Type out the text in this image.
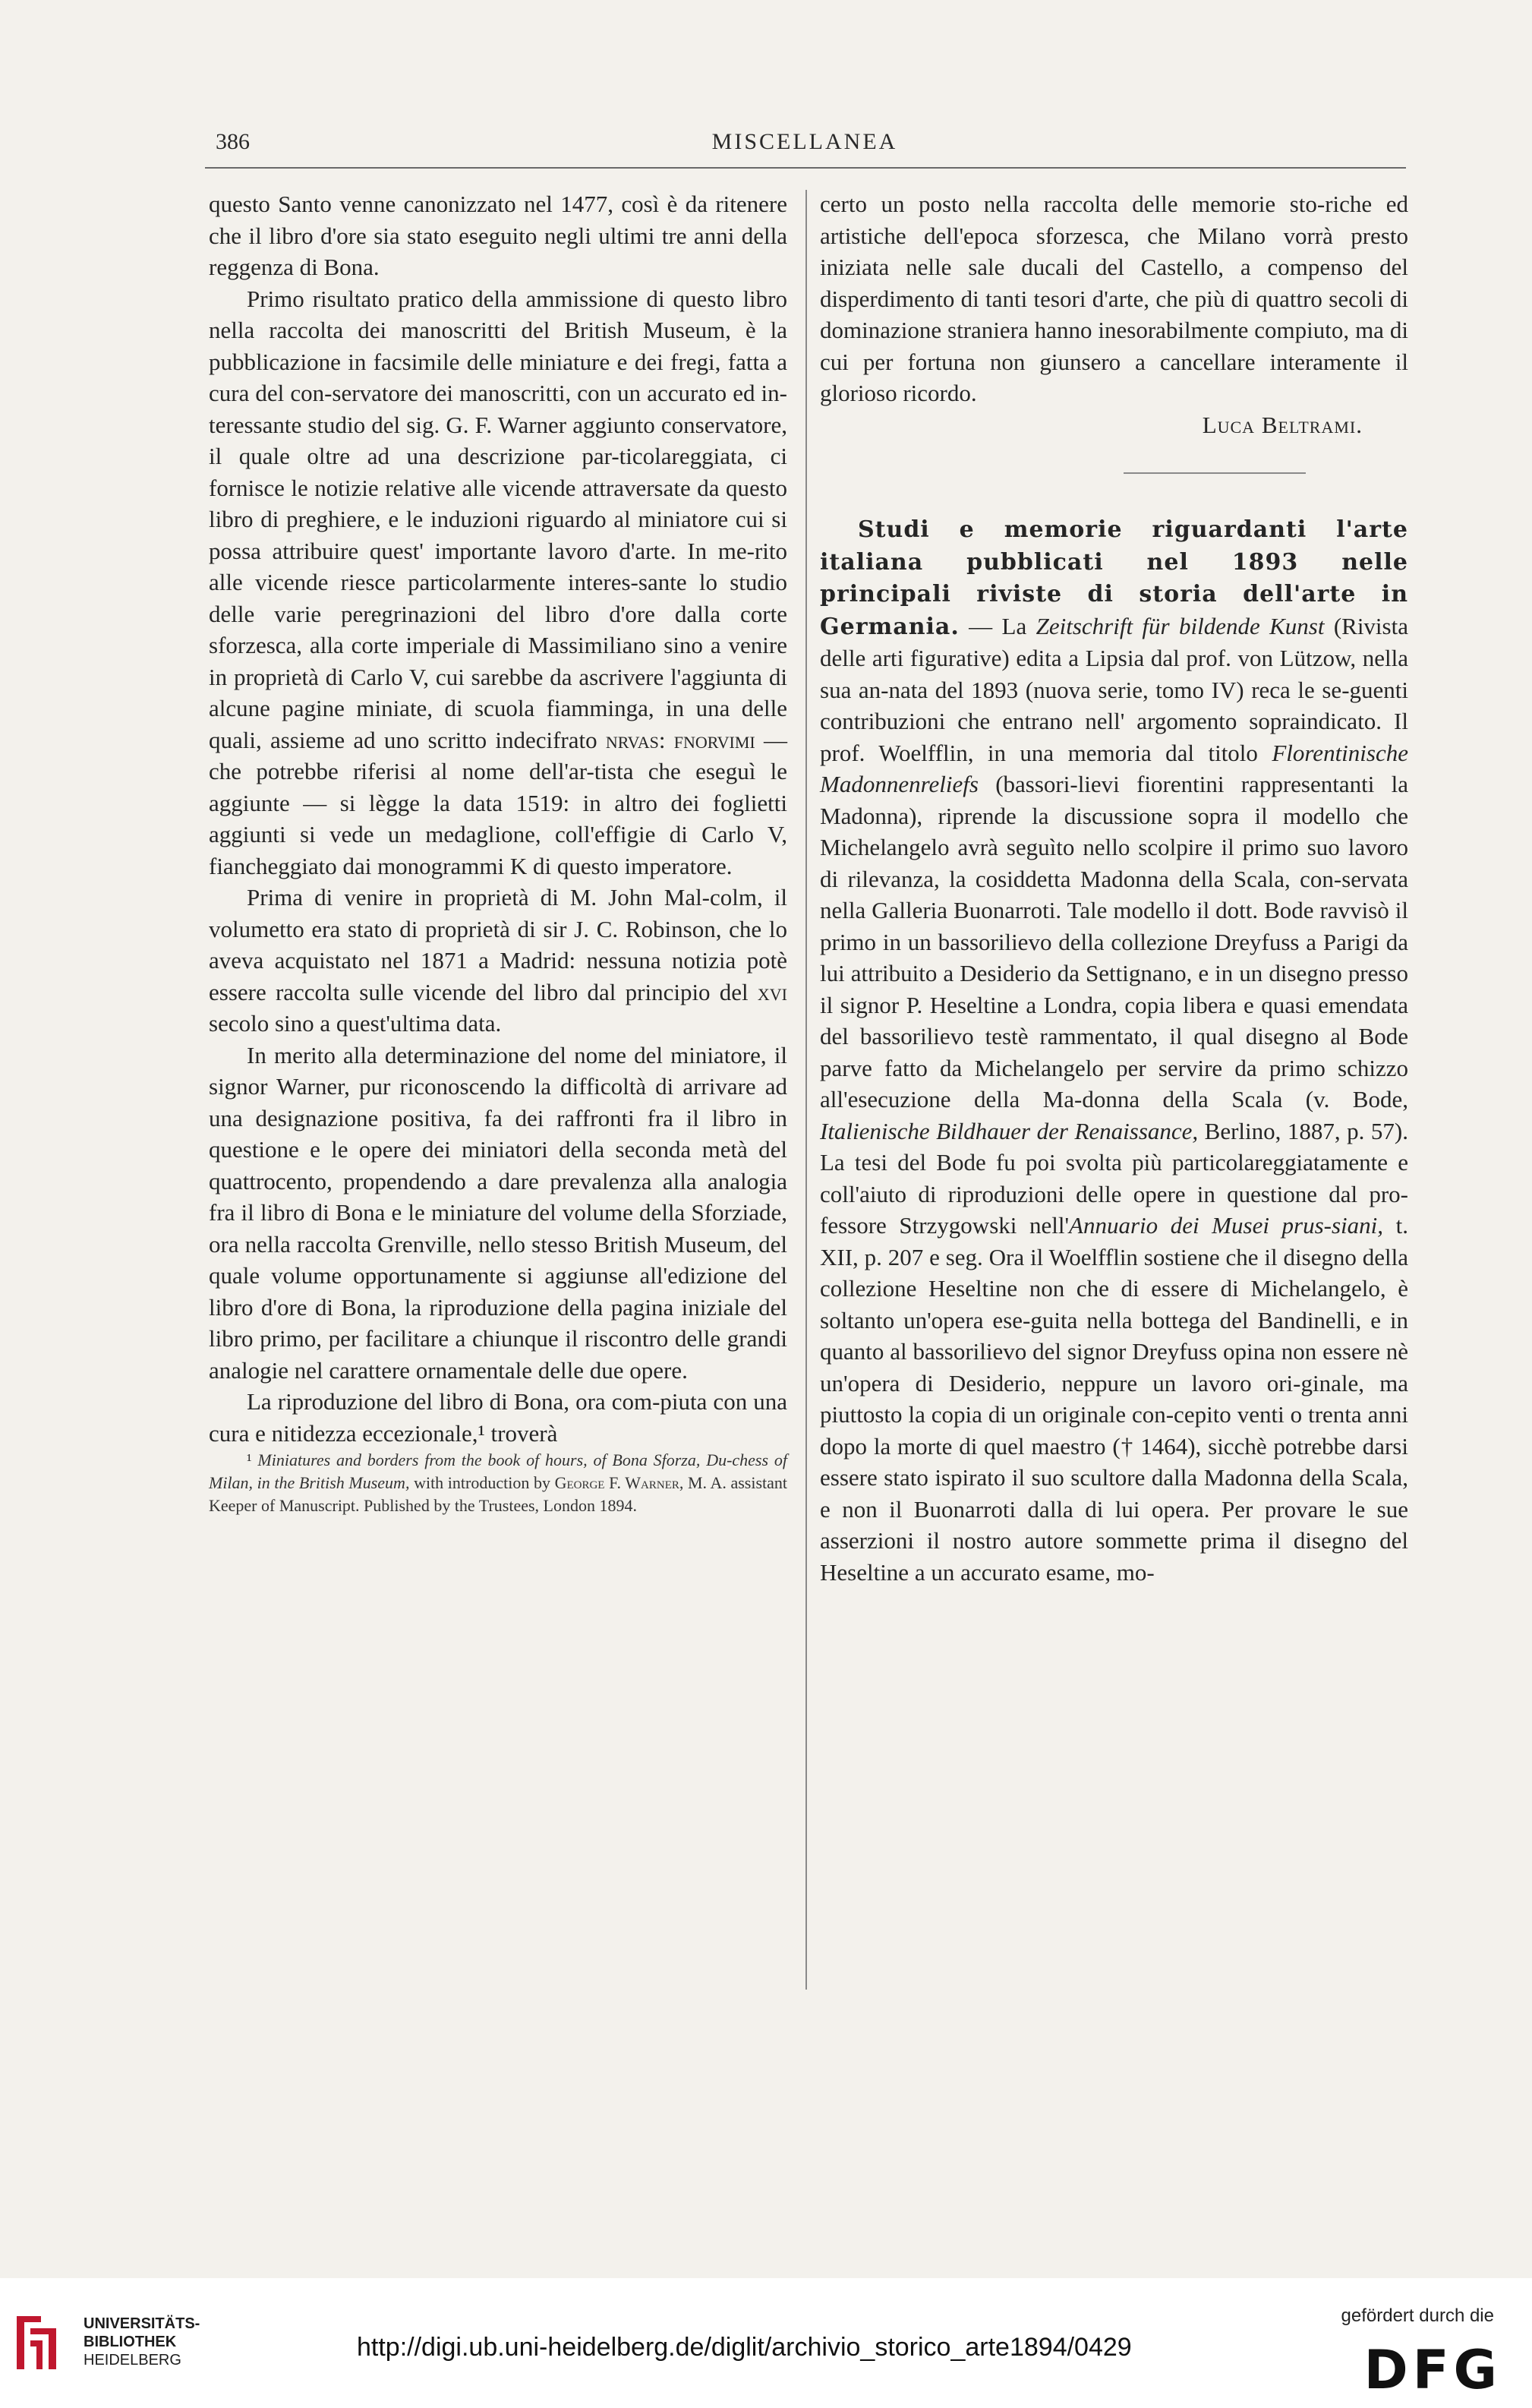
386	MISCELLANEA

questo Santo venne canonizzato nel 1477, così è da ritenere che il libro d'ore sia stato eseguito negli ultimi tre anni della reggenza di Bona.

Primo risultato pratico della ammissione di questo libro nella raccolta dei manoscritti del British Museum, è la pubblicazione in facsimile delle miniature e dei fregi, fatta a cura del con-servatore dei manoscritti, con un accurato ed in-teressante studio del sig. G. F. Warner aggiunto conservatore, il quale oltre ad una descrizione par-ticolareggiata, ci fornisce le notizie relative alle vicende attraversate da questo libro di preghiere, e le induzioni riguardo al miniatore cui si possa attribuire quest' importante lavoro d'arte. In me-rito alle vicende riesce particolarmente interes-sante lo studio delle varie peregrinazioni del libro d'ore dalla corte sforzesca, alla corte imperiale di Massimiliano sino a venire in proprietà di Carlo V, cui sarebbe da ascrivere l'aggiunta di alcune pagine miniate, di scuola fiamminga, in una delle quali, assieme ad uno scritto indecifrato nrvas: fnorvimi — che potrebbe riferisi al nome dell'ar-tista che eseguì le aggiunte — si lègge la data 1519: in altro dei foglietti aggiunti si vede un medaglione, coll'effigie di Carlo V, fiancheggiato dai monogrammi K di questo imperatore.

Prima di venire in proprietà di M. John Mal-colm, il volumetto era stato di proprietà di sir J. C. Robinson, che lo aveva acquistato nel 1871 a Madrid: nessuna notizia potè essere raccolta sulle vicende del libro dal principio del xvi secolo sino a quest'ultima data.

In merito alla determinazione del nome del miniatore, il signor Warner, pur riconoscendo la difficoltà di arrivare ad una designazione positiva, fa dei raffronti fra il libro in questione e le opere dei miniatori della seconda metà del quattrocento, propendendo a dare prevalenza alla analogia fra il libro di Bona e le miniature del volume della Sforziade, ora nella raccolta Grenville, nello stesso British Museum, del quale volume opportunamente si aggiunse all'edizione del libro d'ore di Bona, la riproduzione della pagina iniziale del libro primo, per facilitare a chiunque il riscontro delle grandi analogie nel carattere ornamentale delle due opere.

La riproduzione del libro di Bona, ora com-piuta con una cura e nitidezza eccezionale,¹ troverà

¹ Miniatures and borders from the book of hours, of Bona Sforza, Du-chess of Milan, in the British Museum, with introduction by George F. Warner, M. A. assistant Keeper of Manuscript. Published by the Trustees, London 1894.

certo un posto nella raccolta delle memorie sto-riche ed artistiche dell'epoca sforzesca, che Milano vorrà presto iniziata nelle sale ducali del Castello, a compenso del disperdimento di tanti tesori d'arte, che più di quattro secoli di dominazione straniera hanno inesorabilmente compiuto, ma di cui per fortuna non giunsero a cancellare interamente il glorioso ricordo.

Luca Beltrami.

Studi e memorie riguardanti l'arte italiana pubblicati nel 1893 nelle principali riviste di storia dell'arte in Germania. — La Zeitschrift für bildende Kunst (Rivista delle arti figurative) edita a Lipsia dal prof. von Lützow, nella sua an-nata del 1893 (nuova serie, tomo IV) reca le se-guenti contribuzioni che entrano nell' argomento sopraindicato. Il prof. Woelfflin, in una memoria dal titolo Florentinische Madonnenreliefs (bassori-lievi fiorentini rappresentanti la Madonna), riprende la discussione sopra il modello che Michelangelo avrà seguìto nello scolpire il primo suo lavoro di rilevanza, la cosiddetta Madonna della Scala, con-servata nella Galleria Buonarroti. Tale modello il dott. Bode ravvisò il primo in un bassorilievo della collezione Dreyfuss a Parigi da lui attribuito a Desiderio da Settignano, e in un disegno presso il signor P. Heseltine a Londra, copia libera e quasi emendata del bassorilievo testè rammentato, il qual disegno al Bode parve fatto da Michelangelo per servire da primo schizzo all'esecuzione della Ma-donna della Scala (v. Bode, Italienische Bildhauer der Renaissance, Berlino, 1887, p. 57). La tesi del Bode fu poi svolta più particolareggiatamente e coll'aiuto di riproduzioni delle opere in questione dal pro-fessore Strzygowski nell'Annuario dei Musei prus-siani, t. XII, p. 207 e seg. Ora il Woelfflin sostiene che il disegno della collezione Heseltine non che di essere di Michelangelo, è soltanto un'opera ese-guita nella bottega del Bandinelli, e in quanto al bassorilievo del signor Dreyfuss opina non essere nè un'opera di Desiderio, neppure un lavoro ori-ginale, ma piuttosto la copia di un originale con-cepito venti o trenta anni dopo la morte di quel maestro († 1464), sicchè potrebbe darsi essere stato ispirato il suo scultore dalla Madonna della Scala, e non il Buonarroti dalla di lui opera. Per provare le sue asserzioni il nostro autore sommette prima il disegno del Heseltine a un accurato esame, mo-

UNIVERSITÄTS-
BIBLIOTHEK
HEIDELBERG	http://digi.ub.uni-heidelberg.de/diglit/archivio_storico_arte1894/0429
gefördert durch die
DFG
